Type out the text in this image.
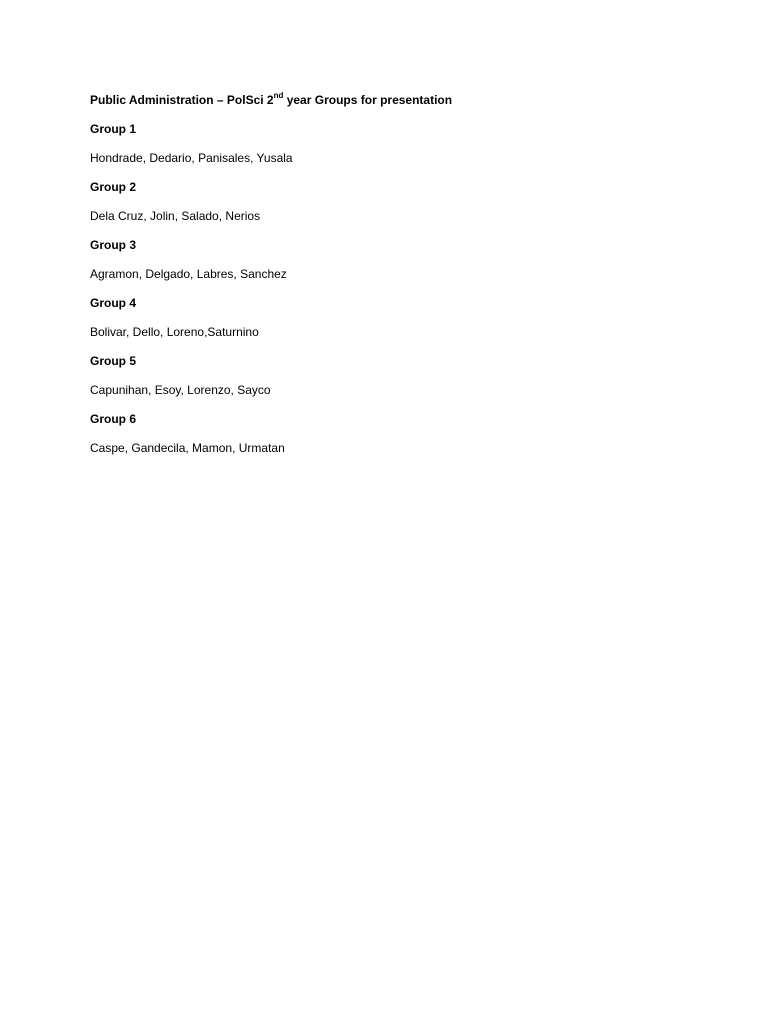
Public Administration – PolSci 2nd year Groups for presentation
Group 1
Hondrade, Dedario, Panisales, Yusala
Group 2
Dela Cruz, Jolin, Salado, Nerios
Group 3
Agramon, Delgado, Labres, Sanchez
Group 4
Bolivar, Dello, Loreno,Saturnino
Group 5
Capunihan, Esoy, Lorenzo, Sayco
Group 6
Caspe, Gandecila, Mamon, Urmatan
